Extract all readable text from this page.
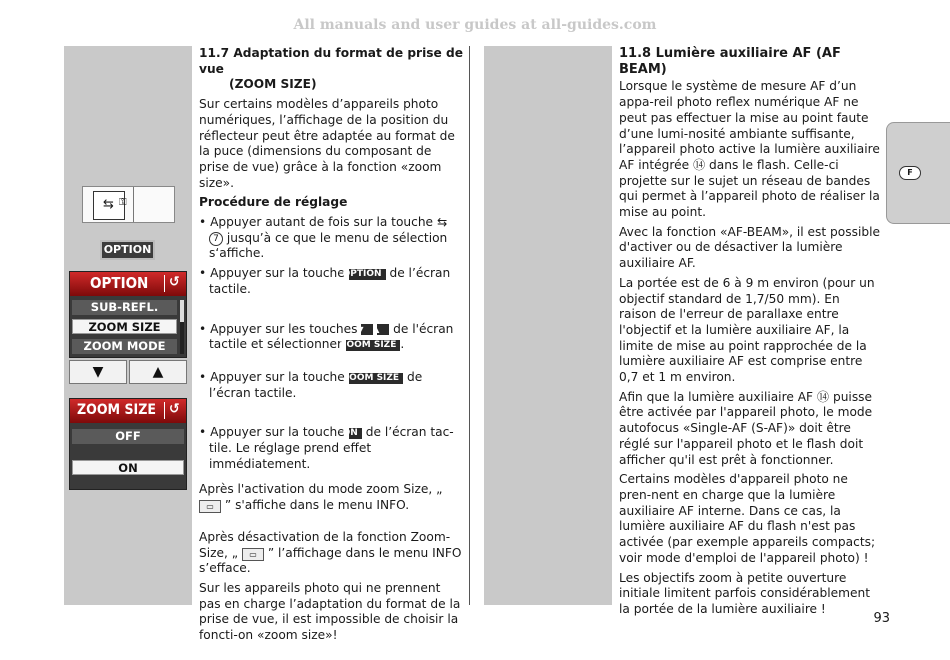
All manuals and user guides at all-guides.com
F
⇆ ⚿
OPTION
OPTION ↺
SUB-REFL.
ZOOM SIZE
ZOOM MODE
▼	▲
ZOOM SIZE ↺
OFF
ON
11.7 Adaptation du format de prise de vue
(ZOOM SIZE)

Sur certains modèles d’appareils photo numériques, l’affichage de la position du réflecteur peut être adaptée au format de la puce (dimensions du composant de prise de vue) grâce à la fonction «zoom size».

Procédure de réglage

• Appuyer autant de fois sur la touche ⇆ 7 jusqu’à ce que le menu de sélection s‘affiche.

• Appuyer sur la touche OPTION de l’écran tactile.

• Appuyer sur les touches ▼ ▲ de l'écran tactile et sélectionner ZOOM SIZE .

• Appuyer sur la touche ZOOM SIZE de l’écran tactile.

• Appuyer sur la touche ON de l’écran tac-tile. Le réglage prend effet immédiatement.

Après l'activation du mode zoom Size, „ ▭ ” s'affiche dans le menu INFO.

Après désactivation de la fonction Zoom-Size, „ ▭ ” l’affichage dans le menu INFO s’efface.

Sur les appareils photo qui ne prennent pas en charge l’adaptation du format de la prise de vue, il est impossible de choisir la foncti-on «zoom size»!

11.8 Lumière auxiliaire AF (AF BEAM)

Lorsque le système de mesure AF d’un appa-reil photo reflex numérique AF ne peut pas effectuer la mise au point faute d’une lumi-nosité ambiante suffisante, l’appareil photo active la lumière auxiliaire AF intégrée ⑭ dans le flash. Celle-ci projette sur le sujet un réseau de bandes qui permet à l’appareil photo de réaliser la mise au point.

Avec la fonction «AF-BEAM», il est possible d'activer ou de désactiver la lumière auxiliaire AF.

La portée est de 6 à 9 m environ (pour un objectif standard de 1,7/50 mm). En raison de l'erreur de parallaxe entre l'objectif et la lumière auxiliaire AF, la limite de mise au point rapprochée de la lumière auxiliaire AF est comprise entre 0,7 et 1 m environ.

Afin que la lumière auxiliaire AF ⑭ puisse être activée par l'appareil photo, le mode autofocus «Single-AF (S-AF)» doit être réglé sur l'appareil photo et le flash doit afficher qu'il est prêt à fonctionner.

Certains modèles d'appareil photo ne pren-nent en charge que la lumière auxiliaire AF interne. Dans ce cas, la lumière auxiliaire AF du flash n'est pas activée (par exemple appareils compacts; voir mode d'emploi de l'appareil photo) !

Les objectifs zoom à petite ouverture initiale limitent parfois considérablement la portée de la lumière auxiliaire !

93
